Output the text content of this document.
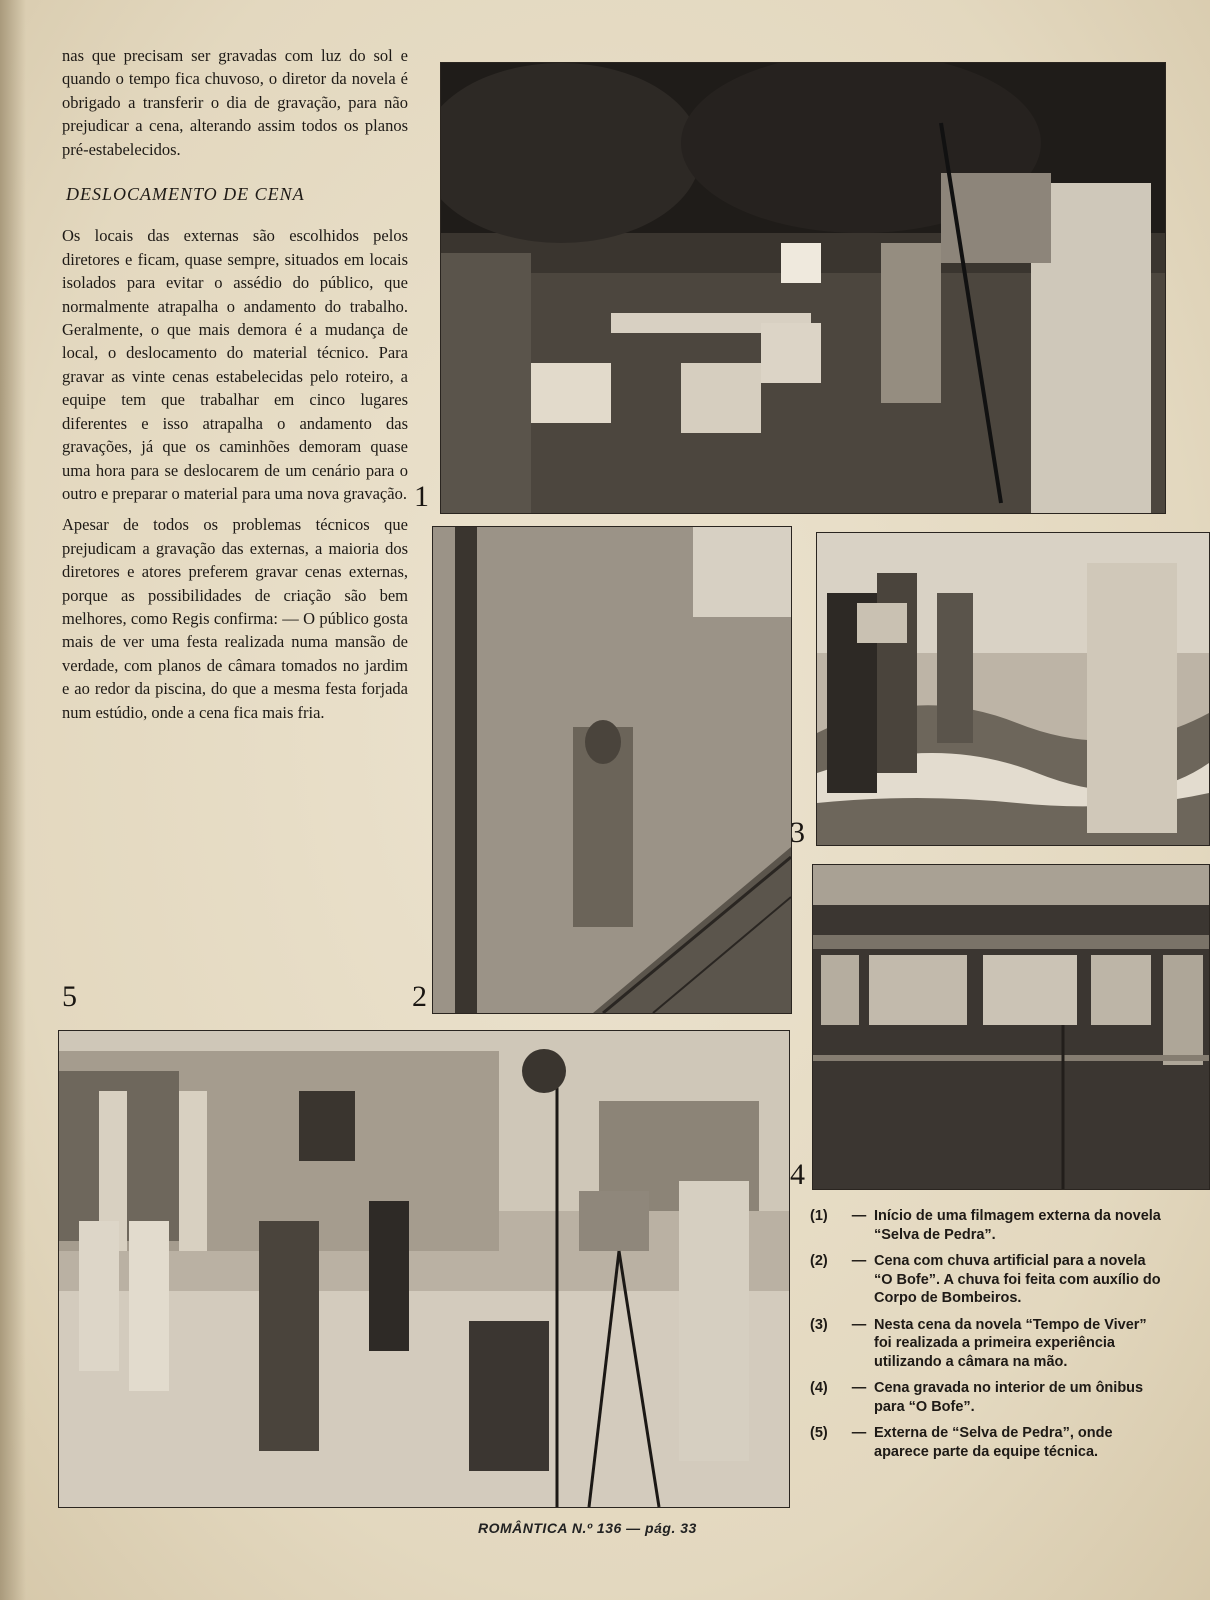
nas que precisam ser gravadas com luz do sol e quando o tempo fica chuvoso, o diretor da novela é obrigado a transferir o dia de gravação, para não prejudicar a cena, alterando assim todos os planos pré-estabelecidos.

DESLOCAMENTO DE CENA

Os locais das externas são escolhidos pelos diretores e ficam, quase sempre, situados em locais isolados para evitar o assédio do público, que normalmente atrapalha o andamento do trabalho. Geralmente, o que mais demora é a mudança de local, o deslocamento do material técnico. Para gravar as vinte cenas estabelecidas pelo roteiro, a equipe tem que trabalhar em cinco lugares diferentes e isso atrapalha o andamento das gravações, já que os caminhões demoram quase uma hora para se deslocarem de um cenário para o outro e preparar o material para uma nova gravação.

Apesar de todos os problemas técnicos que prejudicam a gravação das externas, a maioria dos diretores e atores preferem gravar cenas externas, porque as possibilidades de criação são bem melhores, como Regis confirma: — O público gosta mais de ver uma festa realizada numa mansão de verdade, com planos de câmara tomados no jardim e ao redor da piscina, do que a mesma festa forjada num estúdio, onde a cena fica mais fria.

1
2
3
4
5
(1)	— Início de uma filmagem externa da novela “Selva de Pedra”.
(2)	— Cena com chuva artificial para a novela “O Bofe”. A chuva foi feita com auxílio do Corpo de Bombeiros.
(3)	— Nesta cena da novela “Tempo de Viver” foi realizada a primeira experiência utilizando a câmara na mão.
(4)	— Cena gravada no interior de um ônibus para “O Bofe”.
(5)	— Externa de “Selva de Pedra”, onde aparece parte da equipe técnica.
ROMÂNTICA N.º 136 — pág. 33
